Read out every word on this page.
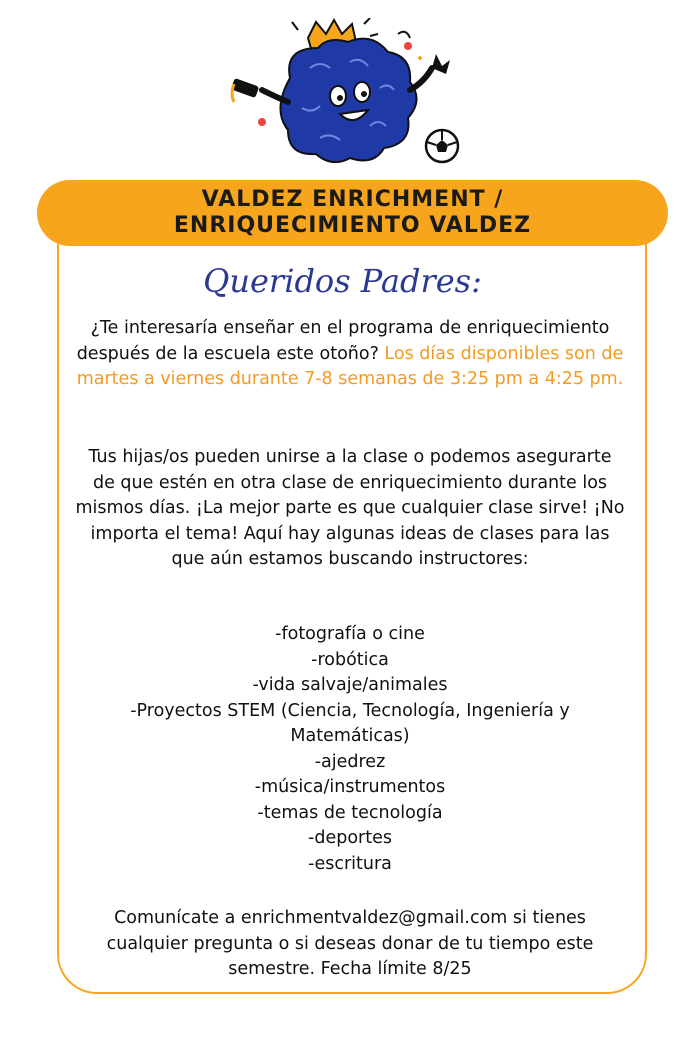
VALDEZ ENRICHMENT /
ENRIQUECIMIENTO VALDEZ
Queridos Padres:
¿Te interesaría enseñar en el programa de enriquecimiento después de la escuela este otoño? Los días disponibles son de martes a viernes durante 7-8 semanas de 3:25 pm a 4:25 pm.
Tus hijas/os pueden unirse a la clase o podemos asegurarte de que estén en otra clase de enriquecimiento durante los mismos días. ¡La mejor parte es que cualquier clase sirve! ¡No importa el tema! Aquí hay algunas ideas de clases para las que aún estamos buscando instructores:
-fotografía o cine
-robótica
-vida salvaje/animales
-Proyectos STEM (Ciencia, Tecnología, Ingeniería y Matemáticas)
-ajedrez
-música/instrumentos
-temas de tecnología
-deportes
-escritura
Comunícate a enrichmentvaldez@gmail.com si tienes cualquier pregunta o si deseas donar de tu tiempo este semestre. Fecha límite 8/25
